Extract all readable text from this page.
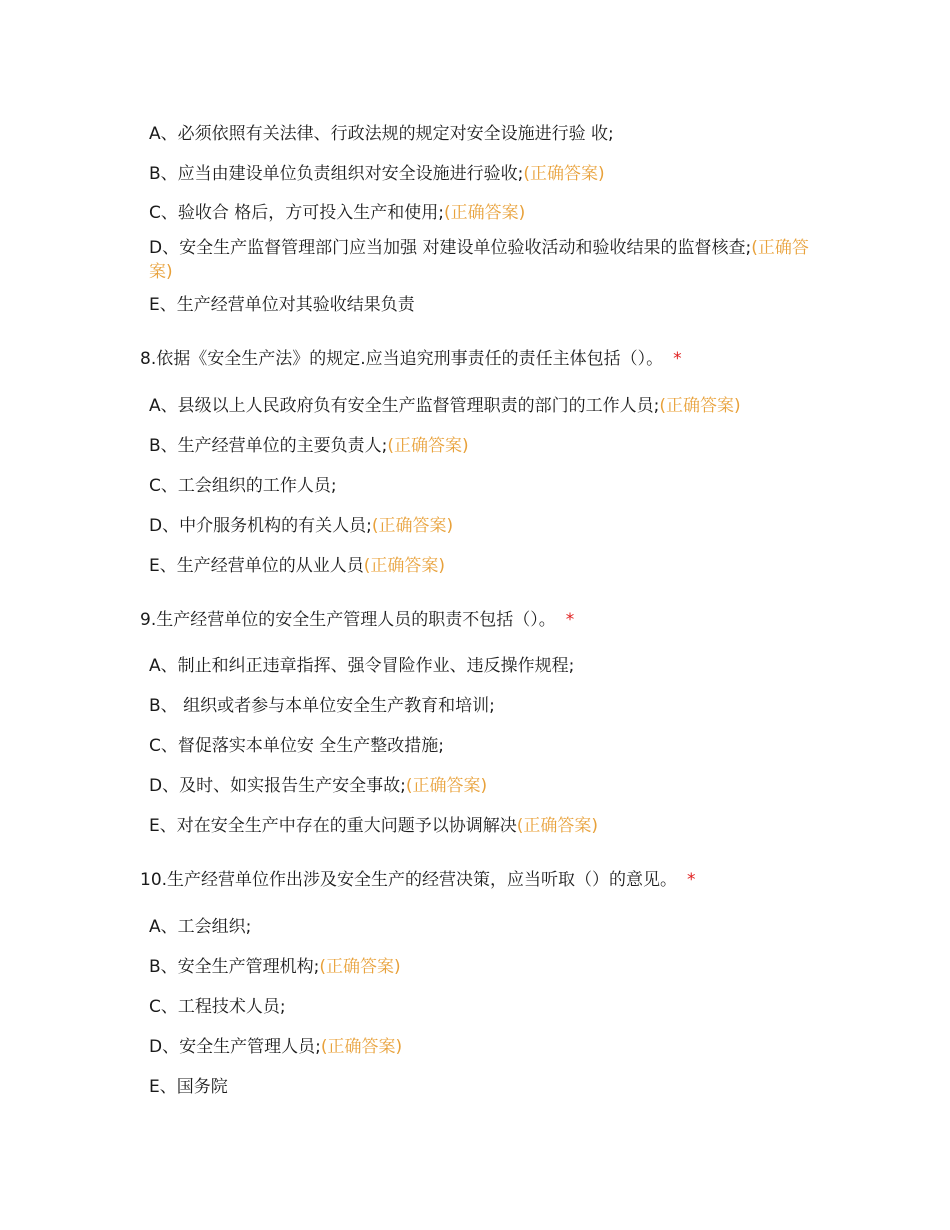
A、必须依照有关法律、行政法规的规定对安全设施进行验 收;
B、应当由建设单位负责组织对安全设施进行验收;(正确答案)
C、验收合 格后，方可投入生产和使用;(正确答案)
D、安全生产监督管理部门应当加强 对建设单位验收活动和验收结果的监督核查;(正确答案)
E、生产经营单位对其验收结果负责
8.依据《安全生产法》的规定.应当追究刑事责任的责任主体包括（）。 *
A、县级以上人民政府负有安全生产监督管理职责的部门的工作人员;(正确答案)
B、生产经营单位的主要负责人;(正确答案)
C、工会组织的工作人员;
D、中介服务机构的有关人员;(正确答案)
E、生产经营单位的从业人员(正确答案)
9.生产经营单位的安全生产管理人员的职责不包括（）。 *
A、制止和纠正违章指挥、强令冒险作业、违反操作规程;
B、 组织或者参与本单位安全生产教育和培训;
C、督促落实本单位安 全生产整改措施;
D、及时、如实报告生产安全事故;(正确答案)
E、对在安全生产中存在的重大问题予以协调解决(正确答案)
10.生产经营单位作出涉及安全生产的经营决策，应当听取（）的意见。 *
A、工会组织;
B、安全生产管理机构;(正确答案)
C、工程技术人员;
D、安全生产管理人员;(正确答案)
E、国务院
